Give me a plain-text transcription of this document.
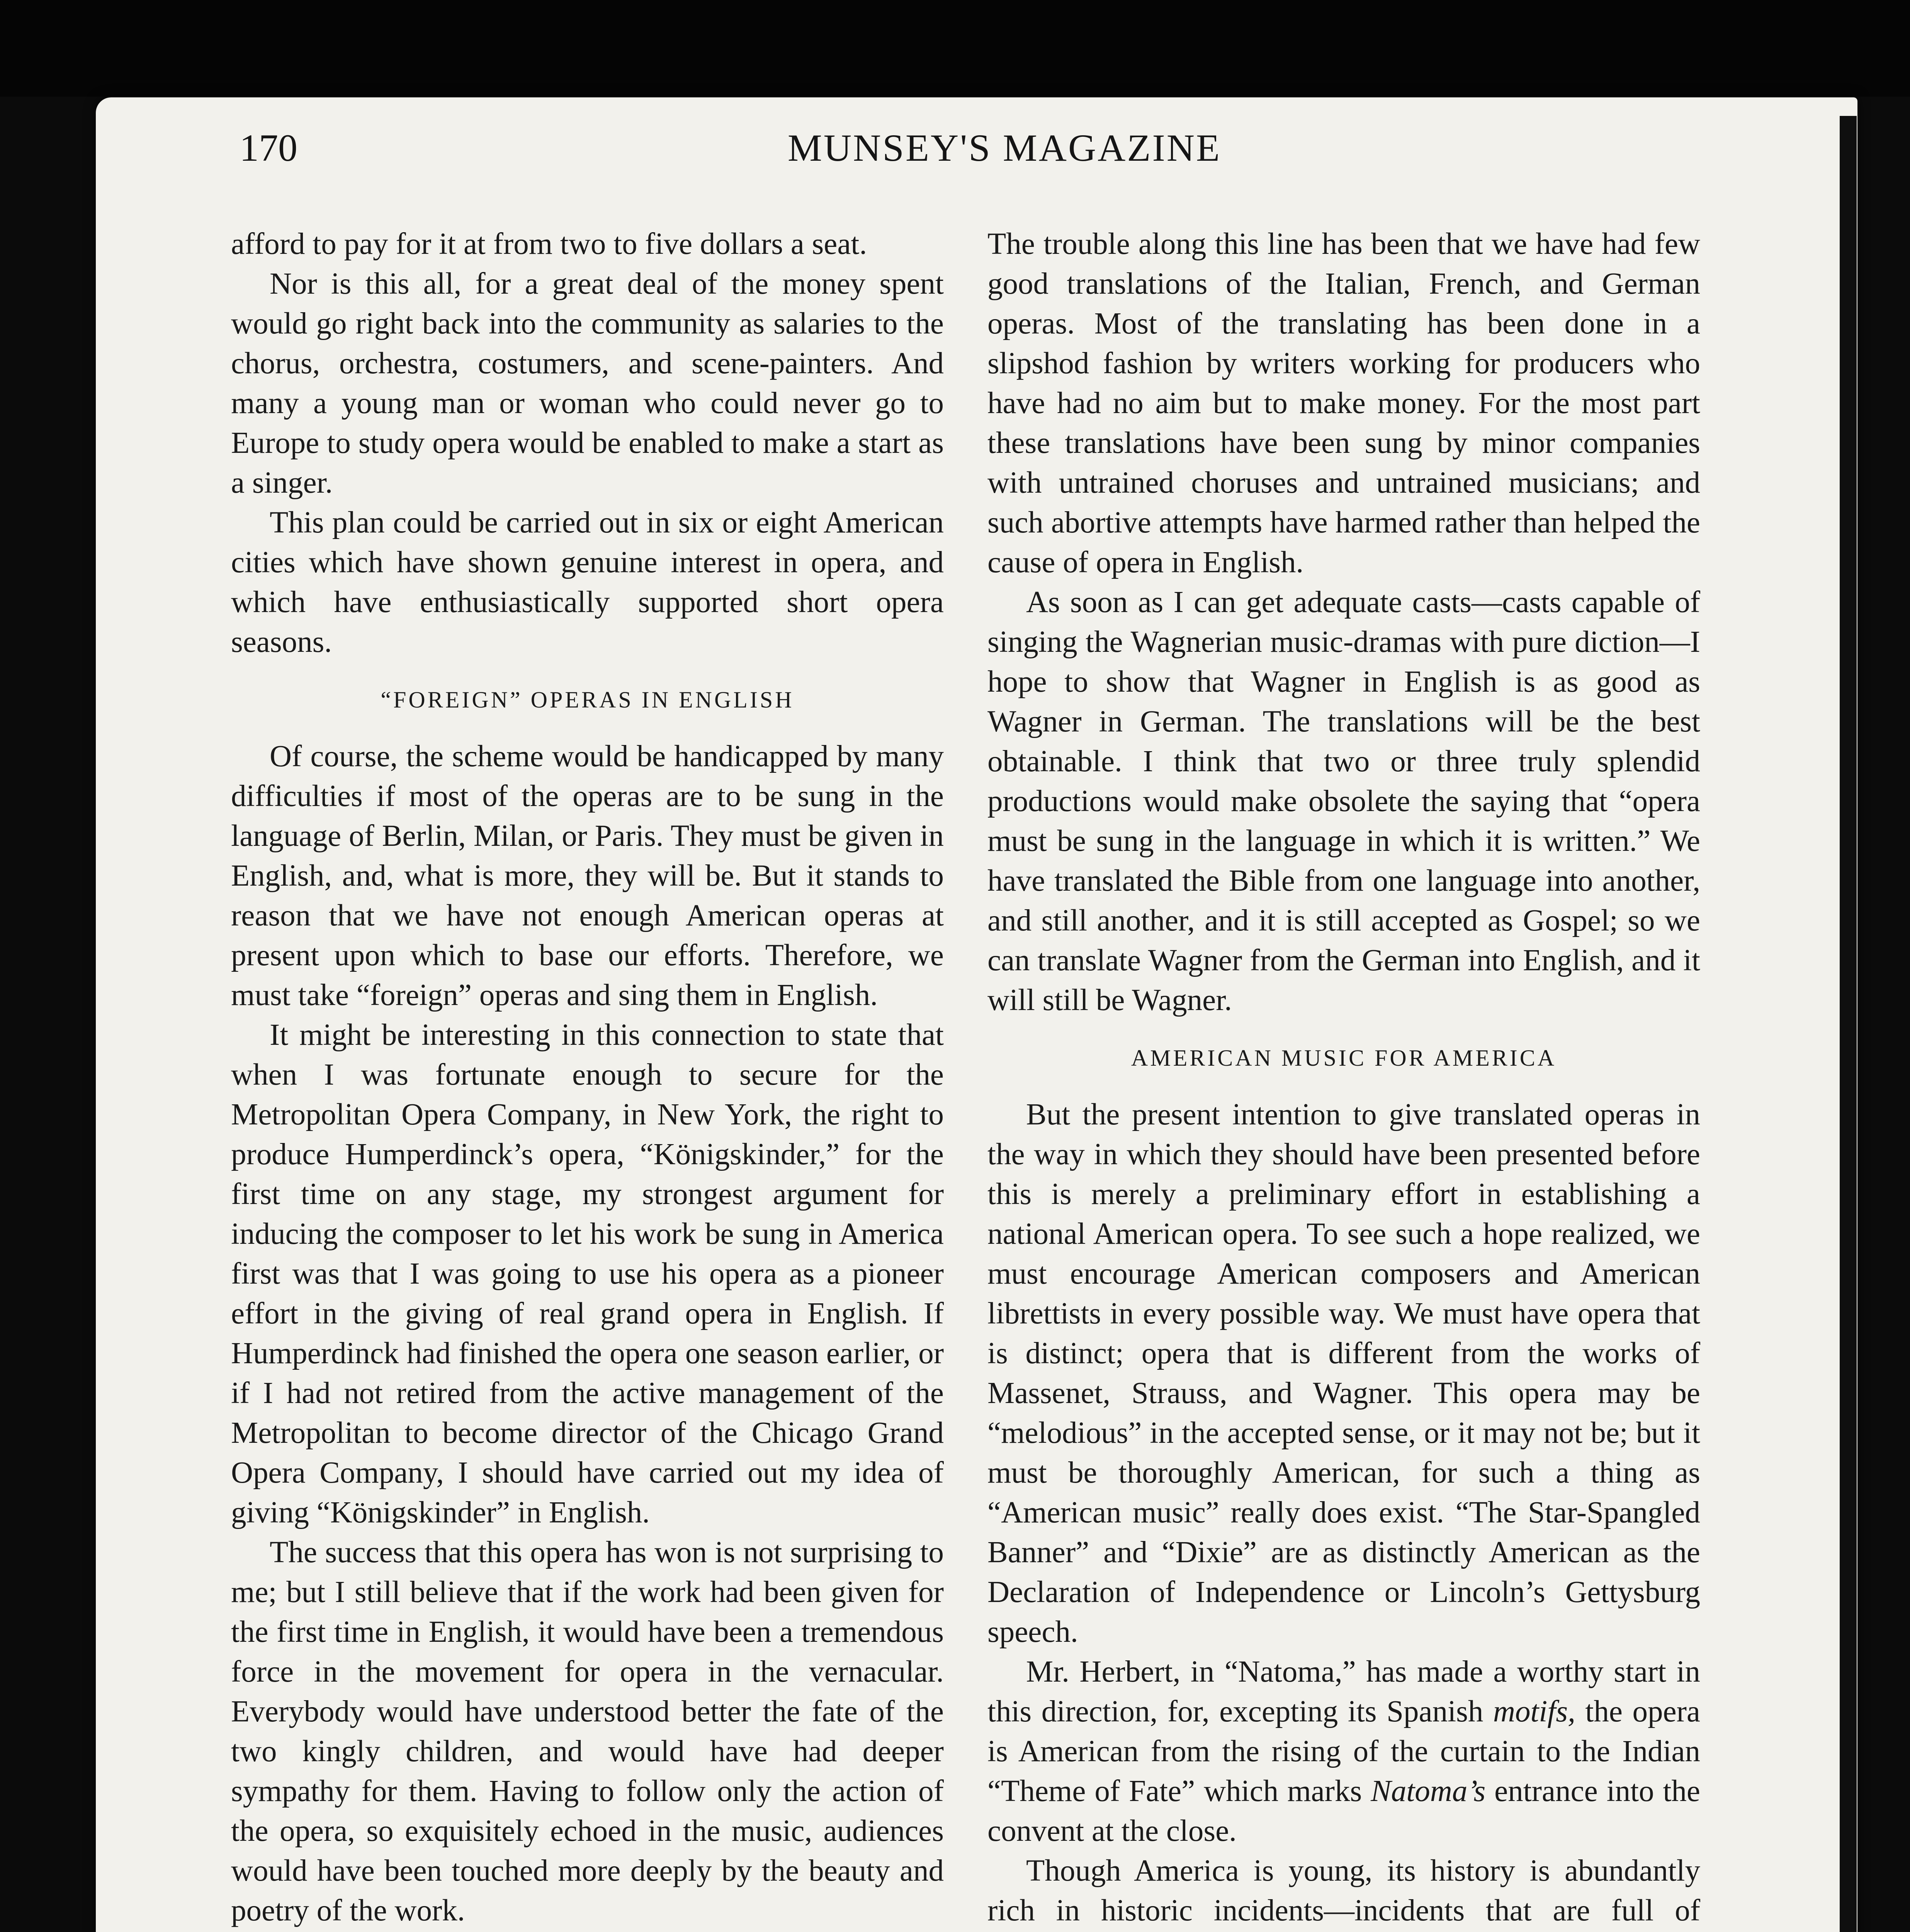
170	MUNSEY'S MAGAZINE

afford to pay for it at from two to five dollars a seat.

Nor is this all, for a great deal of the money spent would go right back into the community as salaries to the chorus, orchestra, costumers, and scene-painters. And many a young man or woman who could never go to Europe to study opera would be enabled to make a start as a singer.

This plan could be carried out in six or eight American cities which have shown genuine interest in opera, and which have enthusiastically supported short opera seasons.

“FOREIGN” OPERAS IN ENGLISH

Of course, the scheme would be handicapped by many difficulties if most of the operas are to be sung in the language of Berlin, Milan, or Paris. They must be given in English, and, what is more, they will be. But it stands to reason that we have not enough American operas at present upon which to base our efforts. Therefore, we must take “foreign” operas and sing them in English.

It might be interesting in this connection to state that when I was fortunate enough to secure for the Metropolitan Opera Company, in New York, the right to produce Humperdinck’s opera, “Königskinder,” for the first time on any stage, my strongest argument for inducing the composer to let his work be sung in America first was that I was going to use his opera as a pioneer effort in the giving of real grand opera in English. If Humperdinck had finished the opera one season earlier, or if I had not retired from the active management of the Metropolitan to become director of the Chicago Grand Opera Company, I should have carried out my idea of giving “Königskinder” in English.

The success that this opera has won is not surprising to me; but I still believe that if the work had been given for the first time in English, it would have been a tremendous force in the movement for opera in the vernacular. Everybody would have understood better the fate of the two kingly children, and would have had deeper sympathy for them. Having to follow only the action of the opera, so exquisitely echoed in the music, audiences would have been touched more deeply by the beauty and poetry of the work.

The trouble along this line has been that we have had few good translations of the Italian, French, and German operas. Most of the translating has been done in a slipshod fashion by writers working for producers who have had no aim but to make money. For the most part these translations have been sung by minor companies with untrained choruses and untrained musicians; and such abortive attempts have harmed rather than helped the cause of opera in English.

As soon as I can get adequate casts—casts capable of singing the Wagnerian music-dramas with pure diction—I hope to show that Wagner in English is as good as Wagner in German. The translations will be the best obtainable. I think that two or three truly splendid productions would make obsolete the saying that “opera must be sung in the language in which it is written.” We have translated the Bible from one language into another, and still another, and it is still accepted as Gospel; so we can translate Wagner from the German into English, and it will still be Wagner.

AMERICAN MUSIC FOR AMERICA

But the present intention to give translated operas in the way in which they should have been presented before this is merely a preliminary effort in establishing a national American opera. To see such a hope realized, we must encourage American composers and American librettists in every possible way. We must have opera that is distinct; opera that is different from the works of Massenet, Strauss, and Wagner. This opera may be “melodious” in the accepted sense, or it may not be; but it must be thoroughly American, for such a thing as “American music” really does exist. “The Star-Spangled Banner” and “Dixie” are as distinctly American as the Declaration of Independence or Lincoln’s Gettysburg speech.

Mr. Herbert, in “Natoma,” has made a worthy start in this direction, for, excepting its Spanish motifs, the opera is American from the rising of the curtain to the Indian “Theme of Fate” which marks Natoma’s entrance into the convent at the close.

Though America is young, its history is abundantly rich in historic incidents—incidents that are full of
